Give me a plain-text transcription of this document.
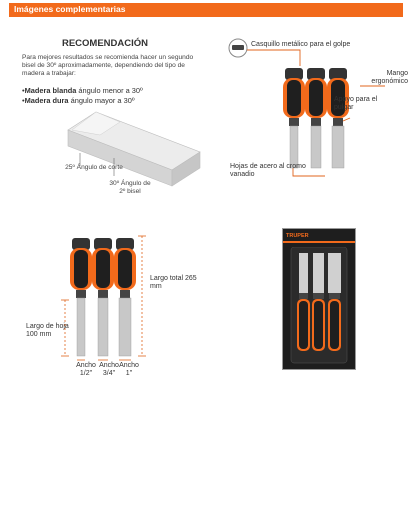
Imágenes complementarias
RECOMENDACIÓN
Para mejores resultados se recomienda hacer un segundo bisel de 30º aproximadamente, dependiendo del tipo de madera a trabajar:
•Madera blanda ángulo menor a 30º
•Madera dura ángulo mayor a 30º
25º Ángulo de corte
30º Ángulo de 2º bisel
Casquillo metálico para el golpe
Mango ergonómico
Apoyo para el pulgar
Hojas de acero al cromo vanadio
Largo total 265 mm
Largo de hoja 100 mm
Ancho 1/2"
Ancho 3/4"
Ancho 1"
TRUPER
